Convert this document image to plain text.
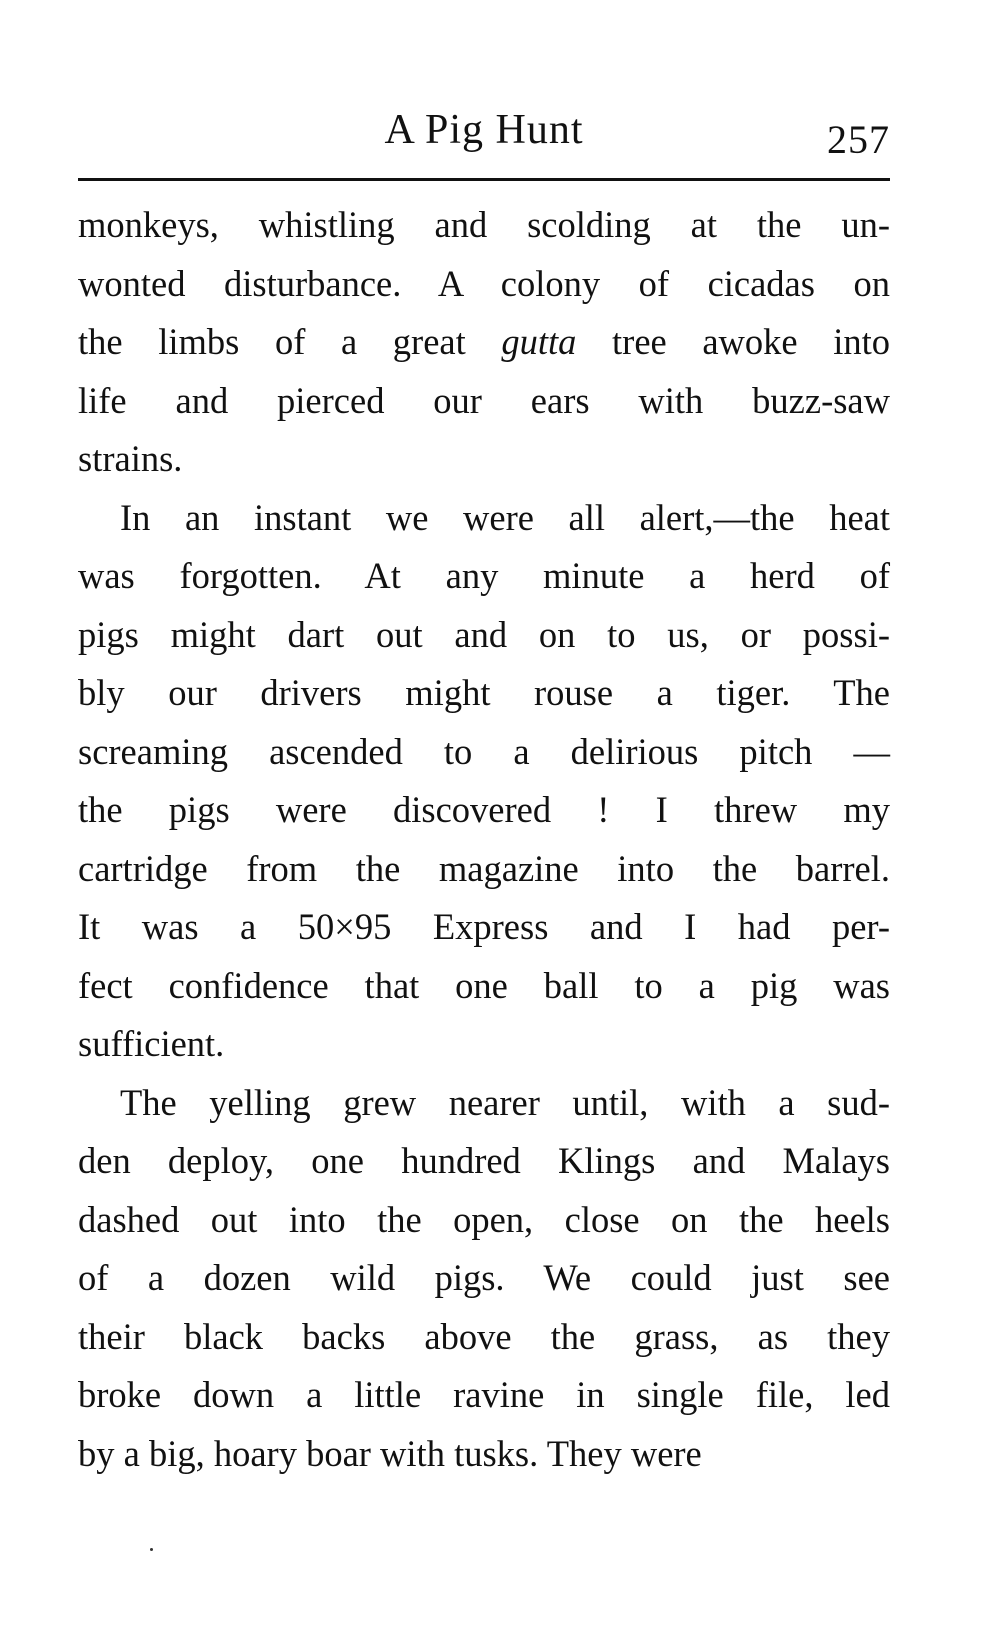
A Pig Hunt	257
monkeys, whistling and scolding at the un-
wonted disturbance. A colony of cicadas on
the limbs of a great gutta tree awoke into
life and pierced our ears with buzz-saw
strains.
In an instant we were all alert,—the heat
was forgotten. At any minute a herd of
pigs might dart out and on to us, or possi-
bly our drivers might rouse a tiger. The
screaming ascended to a delirious pitch —
the pigs were discovered ! I threw my
cartridge from the magazine into the barrel.
It was a 50×95 Express and I had per-
fect confidence that one ball to a pig was
sufficient.
The yelling grew nearer until, with a sud-
den deploy, one hundred Klings and Malays
dashed out into the open, close on the heels
of a dozen wild pigs. We could just see
their black backs above the grass, as they
broke down a little ravine in single file, led
by a big, hoary boar with tusks. They were
